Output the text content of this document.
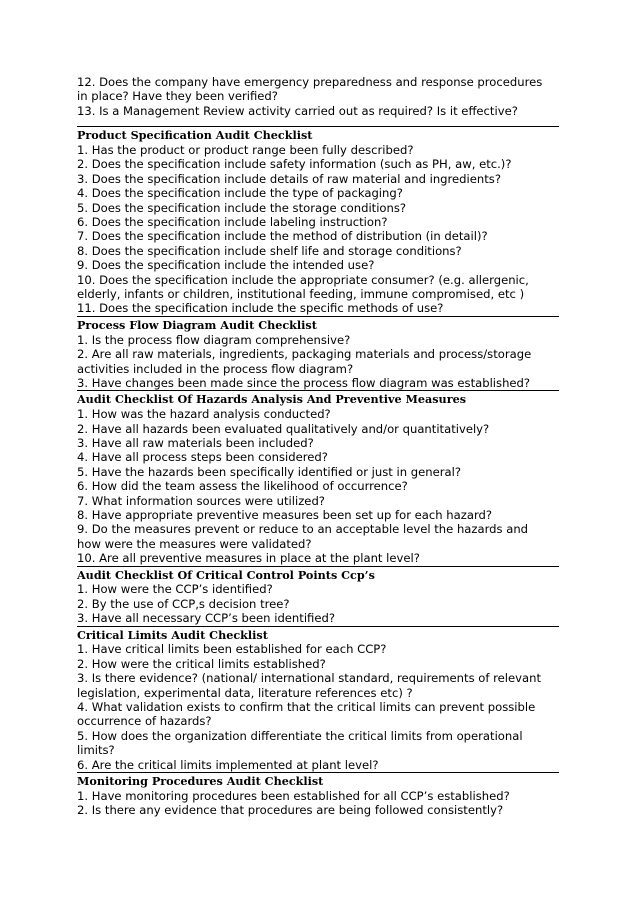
12. Does the company have emergency preparedness and response procedures
in place? Have they been verified?
13. Is a Management Review activity carried out as required? Is it effective?
Product Specification Audit Checklist
1. Has the product or product range been fully described?
2. Does the specification include safety information (such as PH, aw, etc.)?
3. Does the specification include details of raw material and ingredients?
4. Does the specification include the type of packaging?
5. Does the specification include the storage conditions?
6. Does the specification include labeling instruction?
7. Does the specification include the method of distribution (in detail)?
8. Does the specification include shelf life and storage conditions?
9. Does the specification include the intended use?
10. Does the specification include the appropriate consumer? (e.g. allergenic,
elderly, infants or children, institutional feeding, immune compromised, etc )
11. Does the specification include the specific methods of use?
Process Flow Diagram Audit Checklist
1. Is the process flow diagram comprehensive?
2. Are all raw materials, ingredients, packaging materials and process/storage
activities included in the process flow diagram?
3. Have changes been made since the process flow diagram was established?
Audit Checklist Of Hazards Analysis And Preventive Measures
1. How was the hazard analysis conducted?
2. Have all hazards been evaluated qualitatively and/or quantitatively?
3. Have all raw materials been included?
4. Have all process steps been considered?
5. Have the hazards been specifically identified or just in general?
6. How did the team assess the likelihood of occurrence?
7. What information sources were utilized?
8. Have appropriate preventive measures been set up for each hazard?
9. Do the measures prevent or reduce to an acceptable level the hazards and
how were the measures were validated?
10. Are all preventive measures in place at the plant level?
Audit Checklist Of Critical Control Points Ccp’s
1. How were the CCP’s identified?
2. By the use of CCP,s decision tree?
3. Have all necessary CCP’s been identified?
Critical Limits Audit Checklist
1. Have critical limits been established for each CCP?
2. How were the critical limits established?
3. Is there evidence? (national/ international standard, requirements of relevant
legislation, experimental data, literature references etc) ?
4. What validation exists to confirm that the critical limits can prevent possible
occurrence of hazards?
5. How does the organization differentiate the critical limits from operational
limits?
6. Are the critical limits implemented at plant level?
Monitoring Procedures Audit Checklist
1. Have monitoring procedures been established for all CCP’s established?
2. Is there any evidence that procedures are being followed consistently?
